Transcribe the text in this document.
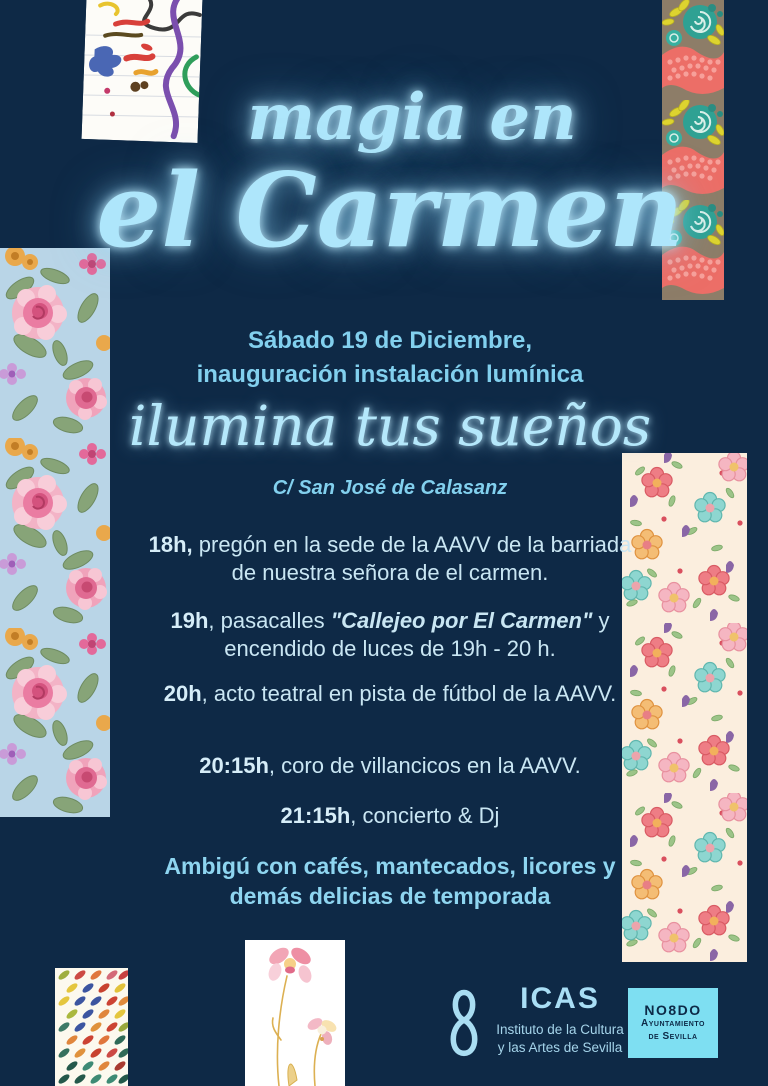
magia en
el Carmen

Sábado 19 de Diciembre,
inauguración instalación lumínica

ilumina tus sueños

C/ San José de Calasanz

18h, pregón en la sede de la AAVV de la barriada de nuestra señora de el carmen.

19h, pasacalles "Callejeo por El Carmen" y encendido de luces de 19h - 20 h.

20h, acto teatral en pista de fútbol de la AAVV.

20:15h, coro de villancicos en la AAVV.

21:15h, concierto & Dj

Ambigú con cafés, mantecados, licores y demás delicias de temporada

ICAS
Instituto de la Cultura
y las Artes de Sevilla
NO8DO
Ayuntamiento
de Sevilla
